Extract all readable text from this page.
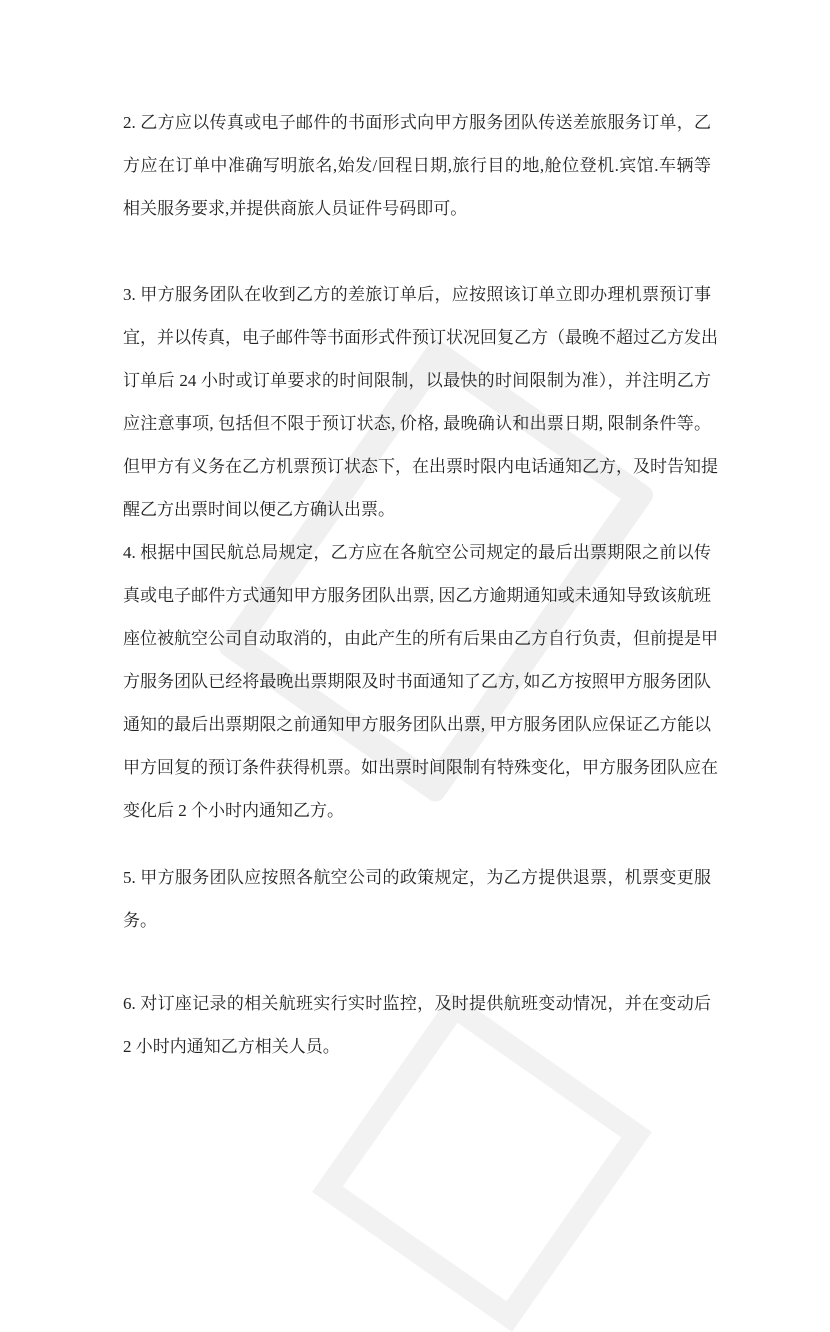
2. 乙方应以传真或电子邮件的书面形式向甲方服务团队传送差旅服务订单，乙
方应在订单中准确写明旅名,始发/回程日期,旅行目的地,舱位登机.宾馆.车辆等
相关服务要求,并提供商旅人员证件号码即可。
3. 甲方服务团队在收到乙方的差旅订单后，应按照该订单立即办理机票预订事
宜，并以传真，电子邮件等书面形式件预订状况回复乙方（最晚不超过乙方发出
订单后 24 小时或订单要求的时间限制，以最快的时间限制为准），并注明乙方
应注意事项, 包括但不限于预订状态, 价格, 最晚确认和出票日期, 限制条件等。
但甲方有义务在乙方机票预订状态下，在出票时限内电话通知乙方，及时告知提
醒乙方出票时间以便乙方确认出票。
4. 根据中国民航总局规定，乙方应在各航空公司规定的最后出票期限之前以传
真或电子邮件方式通知甲方服务团队出票, 因乙方逾期通知或未通知导致该航班
座位被航空公司自动取消的，由此产生的所有后果由乙方自行负责，但前提是甲
方服务团队已经将最晚出票期限及时书面通知了乙方, 如乙方按照甲方服务团队
通知的最后出票期限之前通知甲方服务团队出票, 甲方服务团队应保证乙方能以
甲方回复的预订条件获得机票。如出票时间限制有特殊变化，甲方服务团队应在
变化后 2 个小时内通知乙方。
5. 甲方服务团队应按照各航空公司的政策规定，为乙方提供退票，机票变更服
务。
6. 对订座记录的相关航班实行实时监控，及时提供航班变动情况，并在变动后
2 小时内通知乙方相关人员。
